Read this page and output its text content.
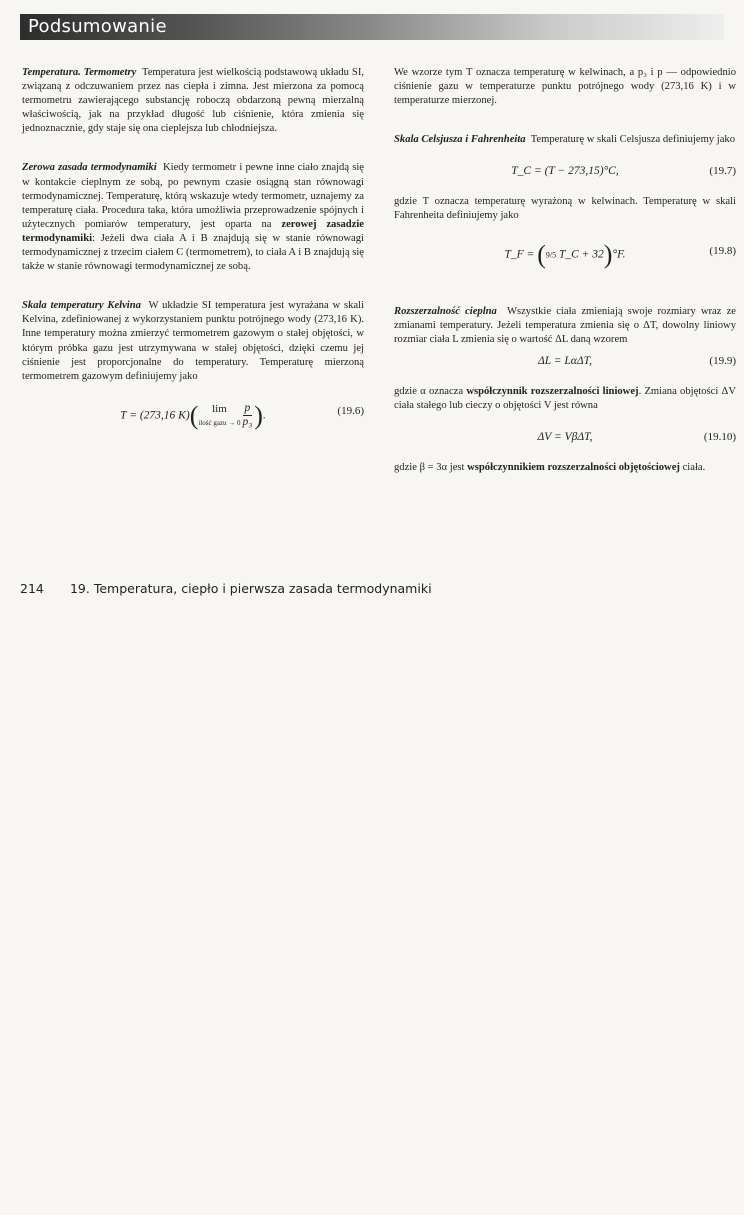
Podsumowanie

Temperatura. Termometry Temperatura jest wielkością podstawową układu SI, związaną z odczuwaniem przez nas ciepła i zimna. Jest mierzona za pomocą termometru zawierającego substancję roboczą obdarzoną pewną mierzalną właściwością, jak na przykład długość lub ciśnienie, która zmienia się jednoznacznie, gdy staje się ona cieplejsza lub chłodniejsza.

Zerowa zasada termodynamiki Kiedy termometr i pewne inne ciało znajdą się w kontakcie cieplnym ze sobą, po pewnym czasie osiągną stan równowagi termodynamicznej. Temperaturę, którą wskazuje wtedy termometr, uznajemy za temperaturę ciała. Procedura taka, która umożliwia przeprowadzenie spójnych i użytecznych pomiarów temperatury, jest oparta na zerowej zasadzie termodynamiki: Jeżeli dwa ciała A i B znajdują się w stanie równowagi termodynamicznej z trzecim ciałem C (termometrem), to ciała A i B znajdują się także w stanie równowagi termodynamicznej ze sobą.

Skala temperatury Kelvina W układzie SI temperatura jest wyrażana w skali Kelvina, zdefiniowanej z wykorzystaniem punktu potrójnego wody (273,16 K). Inne temperatury można zmierzyć termometrem gazowym o stałej objętości, w którym próbka gazu jest utrzymywana w stałej objętości, dzięki czemu jej ciśnienie jest proporcjonalne do temperatury. Temperaturę mierzoną termometrem gazowym definiujemy jako

T = (273,16 K)(	lim
ilość gazu → $0 \frac{p}{\text{p₃}}$ ).	(19.6)

We wzorze tym T oznacza temperaturę w kelwinach, a p₃ i p — odpowiednio ciśnienie gazu w temperaturze punktu potrójnego wody (273,16 K) i w temperaturze mierzonej.

Skala Celsjusza i Fahrenheita Temperaturę w skali Celsjusza definiujemy jako

T_C = (T − 273,15)°C,	(19.7)

gdzie T oznacza temperaturę wyrażoną w kelwinach. Temperaturę w skali Fahrenheita definiujemy jako

T_F = (9/5 T_C + 32)°F.	(19.8)

Rozszerzalność cieplna Wszystkie ciała zmieniają swoje rozmiary wraz ze zmianami temperatury. Jeżeli temperatura zmienia się o ΔT, dowolny liniowy rozmiar ciała L zmienia się o wartość ΔL daną wzorem

ΔL = LαΔT,	(19.9)

gdzie α oznacza współczynnik rozszerzalności liniowej. Zmiana objętości ΔV ciała stałego lub cieczy o objętości V jest równa

ΔV = VβΔT,	(19.10)

gdzie β = 3α jest współczynnikiem rozszerzalności objętościowej ciała.

214 19. Temperatura, ciepło i pierwsza zasada termodynamiki
